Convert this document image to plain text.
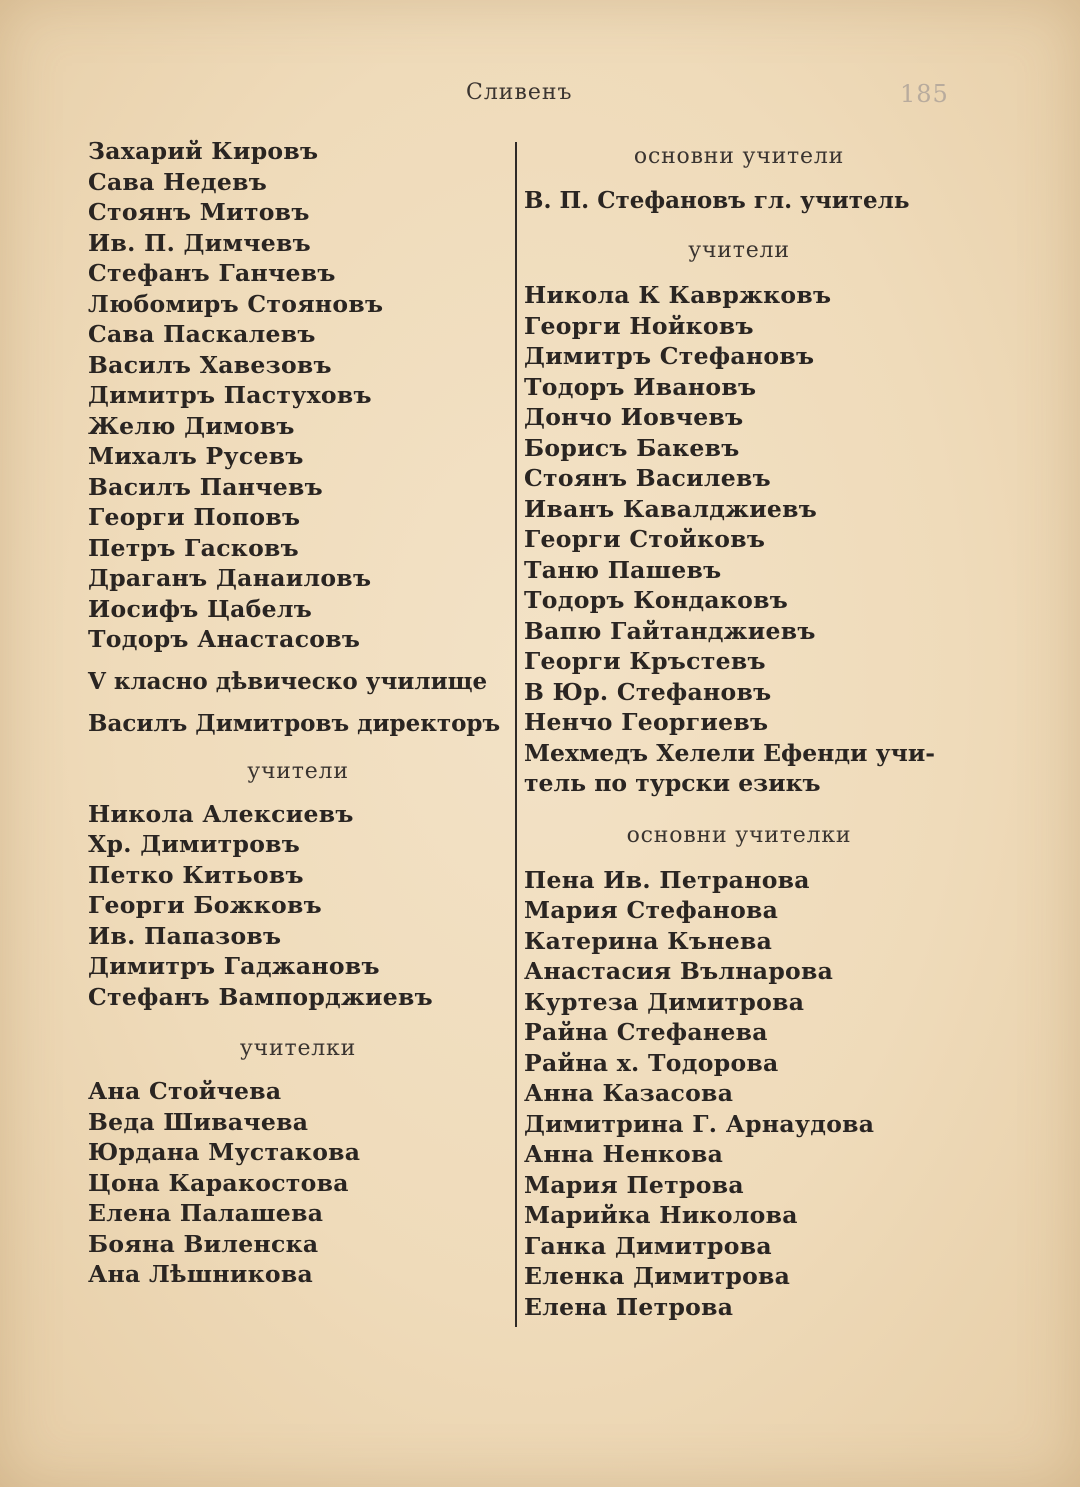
Сливенъ	185
Захарий Кировъ
Сава Недевъ
Стоянъ Митовъ
Ив. П. Димчевъ
Стефанъ Ганчевъ
Любомиръ Стояновъ
Сава Паскалевъ
Василъ Хавезовъ
Димитръ Пастуховъ
Желю Димовъ
Михалъ Русевъ
Василъ Панчевъ
Георги Поповъ
Петръ Гасковъ
Драганъ Данаиловъ
Иосифъ Цабелъ
Тодоръ Анастасовъ
V класно дѣвическо училище
Василъ Димитровъ директоръ
учители
Никола Алексиевъ
Хр. Димитровъ
Петко Китьовъ
Георги Божковъ
Ив. Папазовъ
Димитръ Гаджановъ
Стефанъ Вампорджиевъ
учителки
Ана Стойчева
Веда Шивачева
Юрдана Мустакова
Цона Каракостова
Елена Палашева
Бояна Виленска
Ана Лѣшникова
основни учители
В. П. Стефановъ гл. учитель
учители
Никола К Кавржковъ
Георги Нойковъ
Димитръ Стефановъ
Тодоръ Ивановъ
Дончо Иовчевъ
Борисъ Бакевъ
Стоянъ Василевъ
Иванъ Кавалджиевъ
Георги Стойковъ
Таню Пашевъ
Тодоръ Кондаковъ
Вапю Гайтанджиевъ
Георги Кръстевъ
В Юр. Стефановъ
Ненчо Георгиевъ
Мехмедъ Хелели Ефенди учи-
тель по турски езикъ
основни учителки
Пена Ив. Петранова
Мария Стефанова
Катерина Кънева
Анастасия Вълнарова
Куртеза Димитрова
Райна Стефанева
Райна х. Тодорова
Анна Казасова
Димитрина Г. Арнаудова
Анна Ненкова
Мария Петрова
Марийка Николова
Ганка Димитрова
Еленка Димитрова
Елена Петрова
